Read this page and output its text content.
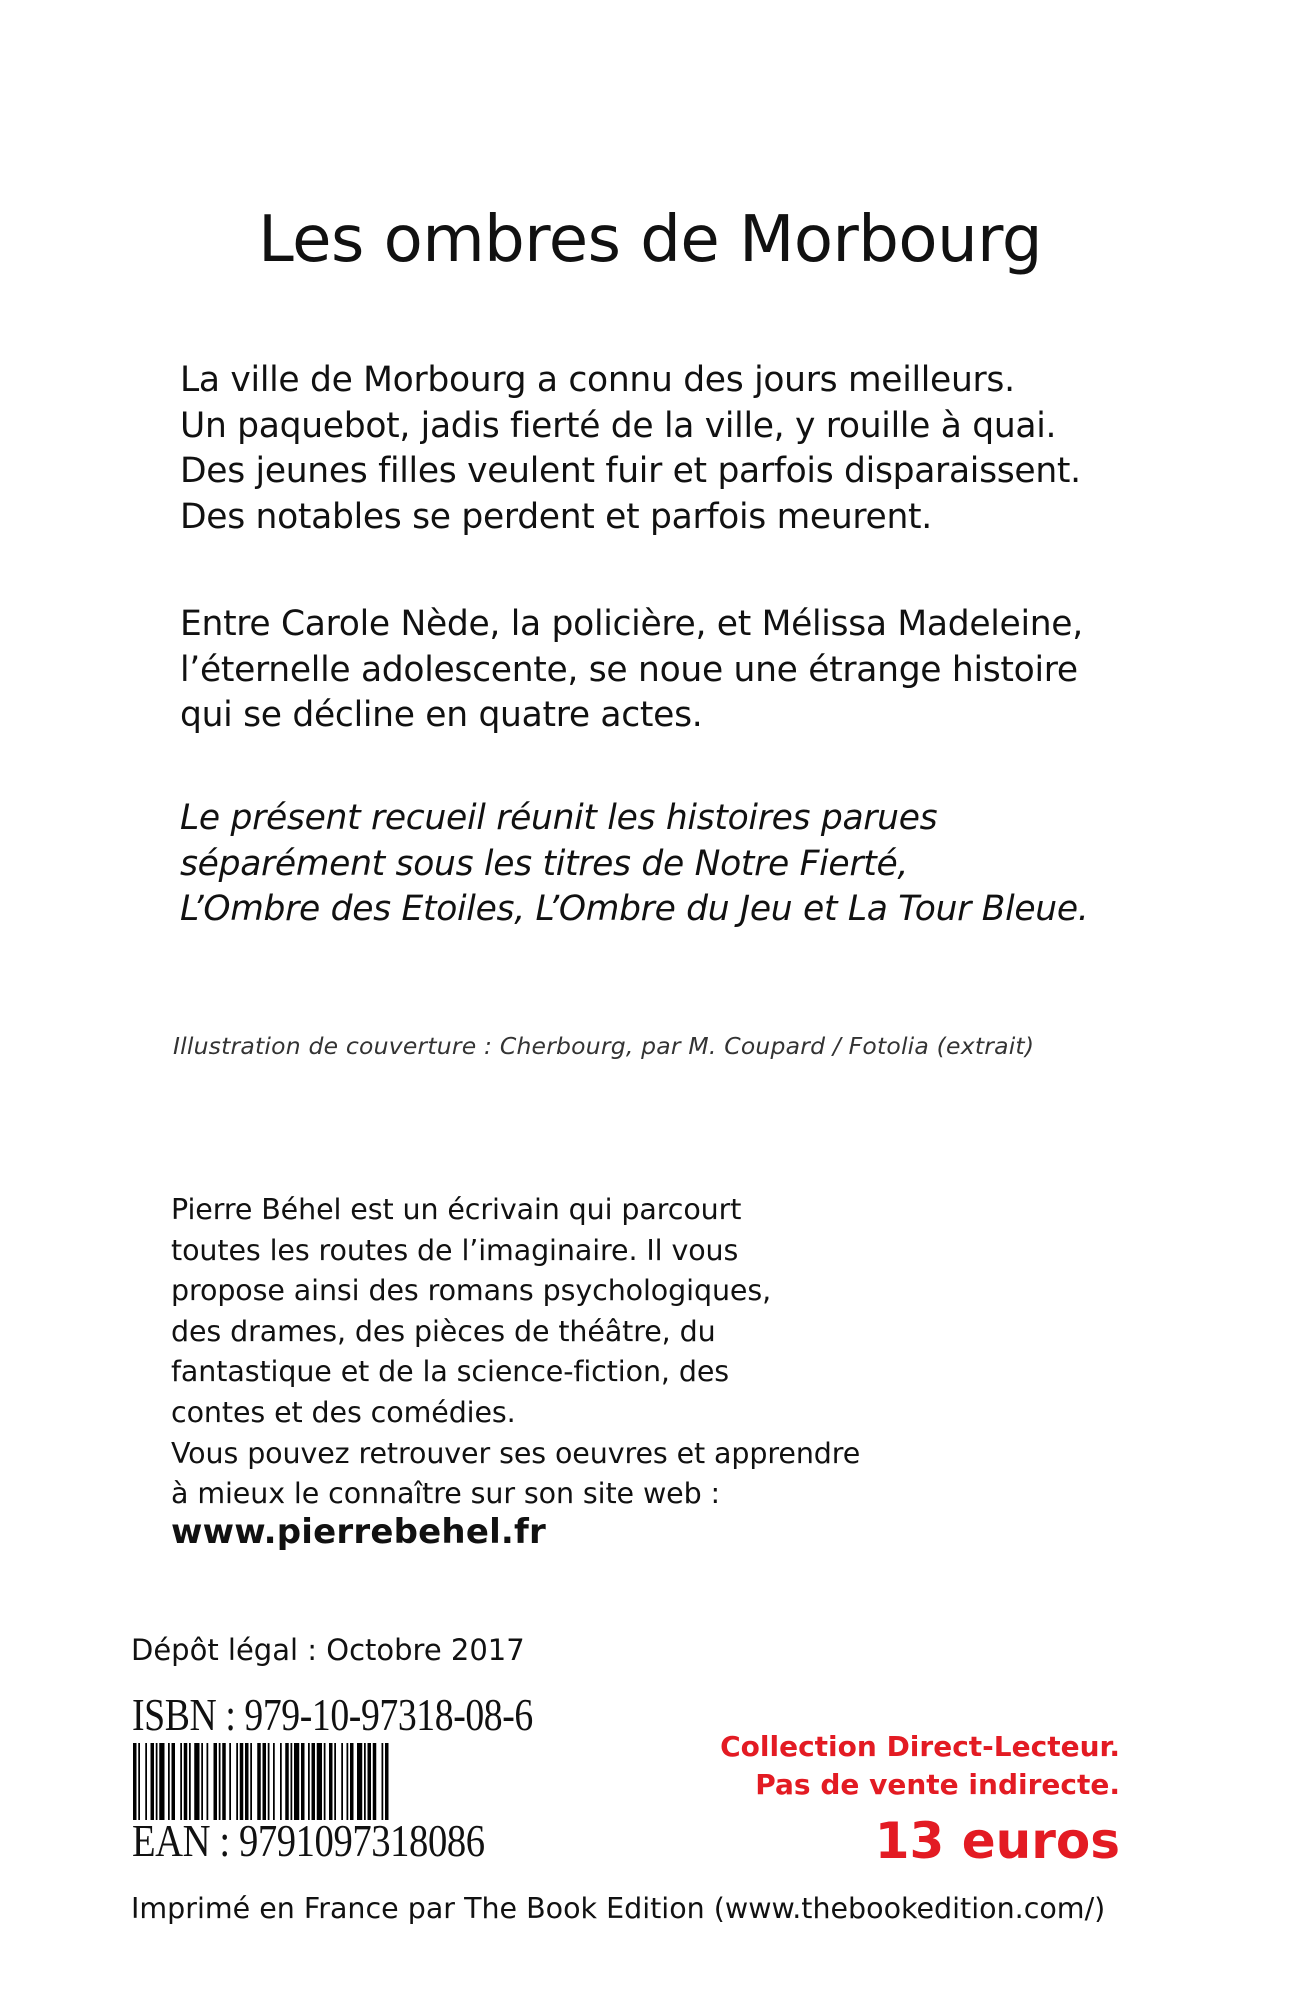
Les ombres de Morbourg

La ville de Morbourg a connu des jours meilleurs.

Un paquebot, jadis fierté de la ville, y rouille à quai.

Des jeunes filles veulent fuir et parfois disparaissent.

Des notables se perdent et parfois meurent.

Entre Carole Nède, la policière, et Mélissa Madeleine,

l’éternelle adolescente, se noue une étrange histoire

qui se décline en quatre actes.

Le présent recueil réunit les histoires parues

séparément sous les titres de Notre Fierté,

L’Ombre des Etoiles, L’Ombre du Jeu et La Tour Bleue.

Illustration de couverture : Cherbourg, par M. Coupard / Fotolia (extrait)

Pierre Béhel est un écrivain qui parcourt

toutes les routes de l’imaginaire. Il vous

propose ainsi des romans psychologiques,

des drames, des pièces de théâtre, du

fantastique et de la science-fiction, des

contes et des comédies.

Vous pouvez retrouver ses oeuvres et apprendre

à mieux le connaître sur son site web :

www.pierrebehel.fr
Dépôt légal : Octobre 2017
ISBN : 979-10-97318-08-6
EAN : 9791097318086

Collection Direct-Lecteur.

Pas de vente indirecte.

13 euros
Imprimé en France par The Book Edition (www.thebookedition.com/)
